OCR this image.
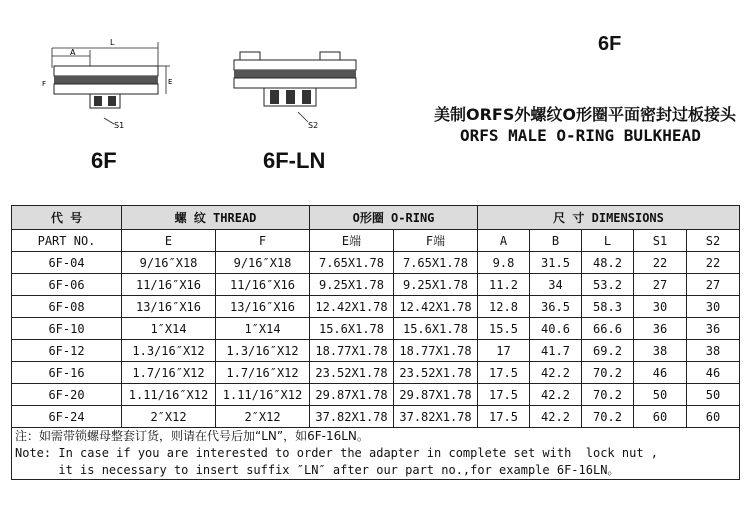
A
L
F	E
S1
6F
S2
6F-LN
6F
美制ORFS外螺纹O形圈平面密封过板接头
ORFS MALE O-RING BULKHEAD
代 号	螺 纹 THREAD		O形圈 O-RING		尺 寸 DIMENSIONS				
PART NO.	E	F	E端	F端	A	B	L	S1	S2
6F-04	9/16″X18	9/16″X18	7.65X1.78	7.65X1.78	9.8	31.5	48.2	22	22
6F-06	11/16″X16	11/16″X16	9.25X1.78	9.25X1.78	11.2	34	53.2	27	27
6F-08	13/16″X16	13/16″X16	12.42X1.78	12.42X1.78	12.8	36.5	58.3	30	30
6F-10	1″X14	1″X14	15.6X1.78	15.6X1.78	15.5	40.6	66.6	36	36
6F-12	1.3/16″X12	1.3/16″X12	18.77X1.78	18.77X1.78	17	41.7	69.2	38	38
6F-16	1.7/16″X12	1.7/16″X12	23.52X1.78	23.52X1.78	17.5	42.2	70.2	46	46
6F-20	1.11/16″X12	1.11/16″X12	29.87X1.78	29.87X1.78	17.5	42.2	70.2	50	50
6F-24	2″X12	2″X12	37.82X1.78	37.82X1.78	17.5	42.2	70.2	60	60

注：如需带锁螺母整套订货，则请在代号后加“LN”，如6F-16LN。
Note: In case if you are interested to order the adapter in complete set with  lock nut ,
it is necessary to insert suffix ″LN″ after our part no.,for example 6F-16LN。									
